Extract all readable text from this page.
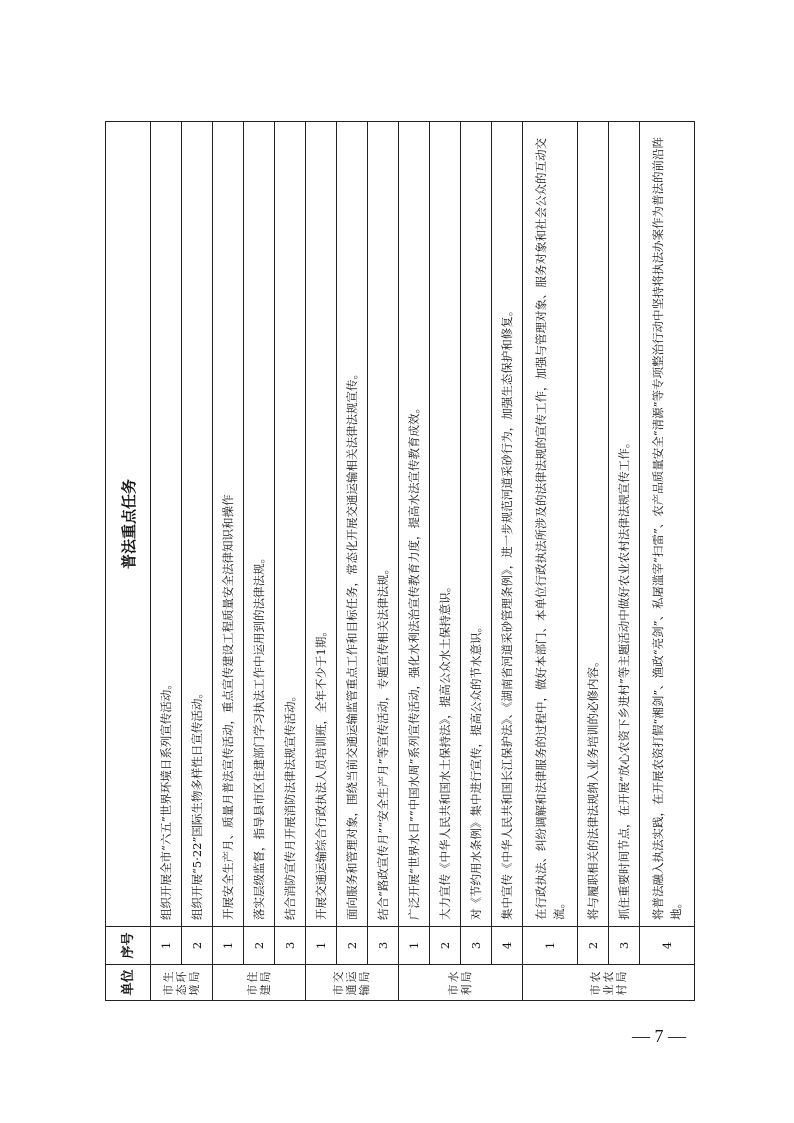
单位	序号	普法重点任务
市生态环境局	1	组织开展全市“六五”世界环境日系列宣传活动。
	2	组织开展“5·22”国际生物多样性日宣传活动。
市住建局	1	开展安全生产月、质量月普法宣传活动，重点宣传建设工程质量安全法律知识和操作
	2	落实层级监督，指导县市区住建部门学习执法工作中运用到的法律法规。
	3	结合消防宣传月开展消防法律法规宣传活动。
市交通运输局	1	开展交通运输综合行政执法人员培训班，全年不少于1期。
	2	面向服务和管理对象，围绕当前交通运输监管重点工作和目标任务，常态化开展交通运输相关法律法规宣传。
	3	结合“路政宣传月”“安全生产月”等宣传活动，专题宣传相关法律法规。
市水利局	1	广泛开展“世界水日”“中国水周”系列宣传活动，强化水利法治宣传教育力度，提高水法宣传教育成效。
	2	大力宣传《中华人民共和国水土保持法》，提高公众水土保持意识。
	3	对《节约用水条例》集中进行宣传，提高公众的节水意识。
	4	集中宣传《中华人民共和国长江保护法》、《湖南省河道采砂管理条例》，进一步规范河道采砂行为，加强生态保护和修复。
市农业农村局	1	在行政执法、纠纷调解和法律服务的过程中，做好本部门、本单位行政执法所涉及的法律法规的宣传工作，加强与管理对象、服务对象和社会公众的互动交流。
	2	将与履职相关的法律法规纳入业务培训的必修内容。
	3	抓住重要时间节点，在开展“放心农资下乡进村”等主题活动中做好农业农村法律法规宣传工作。
	4	将普法融入执法实践，在开展农资打假“湘剑”、渔政“亮剑”、私屠滥宰“扫雷”、农产品质量安全“清源”等专项整治行动中坚持将执法办案作为普法的前沿阵地。
— 7 —
